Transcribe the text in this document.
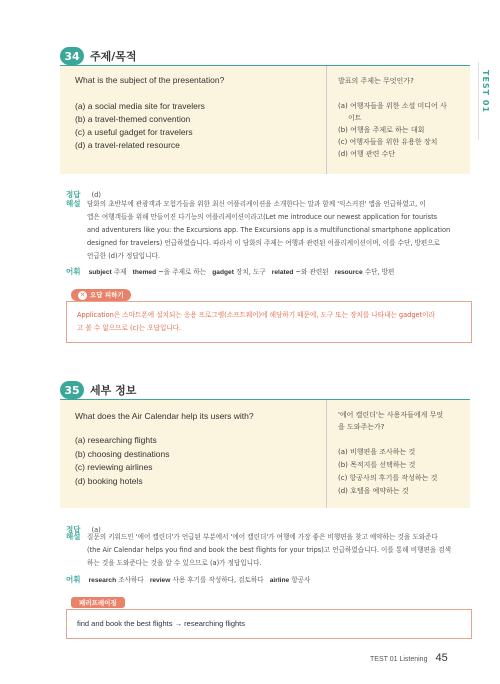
TEST 01
34 주제/목적
What is the subject of the presentation?
(a) a social media site for travelers
(b) a travel-themed convention
(c) a useful gadget for travelers
(d) a travel-related resource
발표의 주제는 무엇인가?
(a) 여행자들을 위한 소셜 미디어 사
이트
(b) 여행을 주제로 하는 대회
(c) 여행자들을 위한 유용한 장치
(d) 여행 관련 수단
정답 (d)
해설 담화의 초반부에 관광객과 모험가들을 위한 최신 어플리케이션을 소개한다는 말과 함께 '익스커젼' 앱을 언급하였고, 이
앱은 여행객들을 위해 만들어진 다기능의 어플리케이션이라고(Let me introduce our newest application for tourists
and adventurers like you: the Excursions app. The Excursions app is a multifunctional smartphone application
designed for travelers) 언급하였습니다. 따라서 이 담화의 주제는 여행과 관련된 어플리케이션이며, 이를 수단, 방편으로
언급한 (d)가 정답입니다.
어휘 subject 주제 themed ~을 주제로 하는 gadget 장치, 도구 related ~와 관련된 resource 수단, 방편
✕ 오답 피하기
Application은 스마트폰에 설치되는 응용 프로그램(소프트웨어)에 해당하기 때문에, 도구 또는 장치를 나타내는 gadget이라
고 볼 수 없으므로 (c)는 오답입니다.
35 세부 정보
What does the Air Calendar help its users with?
(a) researching flights
(b) choosing destinations
(c) reviewing airlines
(d) booking hotels
'에어 캘린더'는 사용자들에게 무엇
을 도와주는가?
(a) 비행편을 조사하는 것
(b) 목적지를 선택하는 것
(c) 항공사의 후기를 작성하는 것
(d) 호텔을 예약하는 것
정답 (a)
해설 질문의 키워드인 '에어 캘린더'가 언급된 부분에서 '에어 캘린더'가 여행에 가장 좋은 비행편을 찾고 예약하는 것을 도와준다
(the Air Calendar helps you find and book the best flights for your trips)고 언급하였습니다. 이를 통해 비행편을 검색
하는 것을 도와준다는 것을 알 수 있으므로 (a)가 정답입니다.
어휘 research 조사하다 review 사용 후기를 작성하다, 검토하다 airline 항공사
패러프레이징
find and book the best flights → researching flights
TEST 01 Listening 45
